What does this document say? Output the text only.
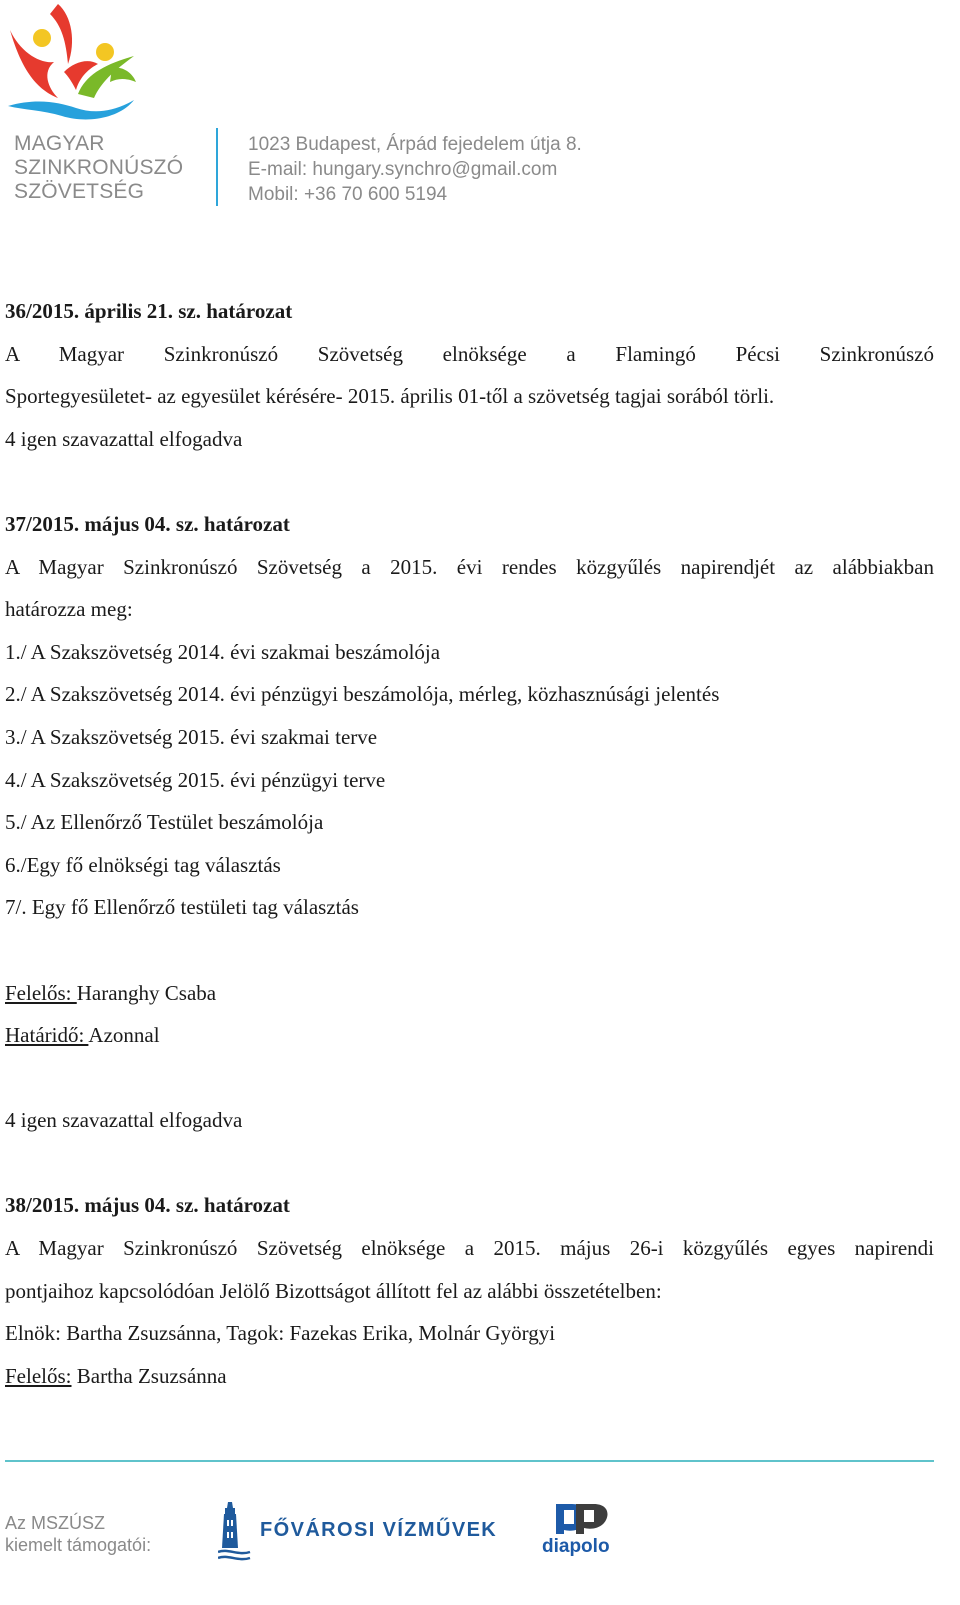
MAGYAR
SZINKRONÚSZÓ
SZÖVETSÉG
1023 Budapest, Árpád fejedelem útja 8.
E-mail: hungary.synchro@gmail.com
Mobil: +36 70 600 5194
36/2015. április 21. sz. határozat
A Magyar Szinkronúszó Szövetség elnöksége a Flamingó Pécsi Szinkronúszó
Sportegyesületet- az egyesület kérésére- 2015. április 01-től a szövetség tagjai sorából törli.
4 igen szavazattal elfogadva
37/2015. május 04. sz. határozat
A Magyar Szinkronúszó Szövetség a 2015. évi rendes közgyűlés napirendjét az alábbiakban
határozza meg:
1./ A Szakszövetség 2014. évi szakmai beszámolója
2./ A Szakszövetség 2014. évi pénzügyi beszámolója, mérleg, közhasznúsági jelentés
3./ A Szakszövetség 2015. évi szakmai terve
4./ A Szakszövetség 2015. évi pénzügyi terve
5./ Az Ellenőrző Testület beszámolója
6./Egy fő elnökségi tag választás
7/. Egy fő Ellenőrző testületi tag választás
Felelős: Haranghy Csaba
Határidő: Azonnal
4 igen szavazattal elfogadva
38/2015. május 04. sz. határozat
A Magyar Szinkronúszó Szövetség elnöksége a 2015. május 26-i közgyűlés egyes napirendi
pontjaihoz kapcsolódóan Jelölő Bizottságot állított fel az alábbi összetételben:
Elnök: Bartha Zsuzsánna, Tagok: Fazekas Erika, Molnár Györgyi
Felelős: Bartha Zsuzsánna
Az MSZÚSZ
kiemelt támogatói:
FŐVÁROSI VÍZMŰVEK
diapolo
